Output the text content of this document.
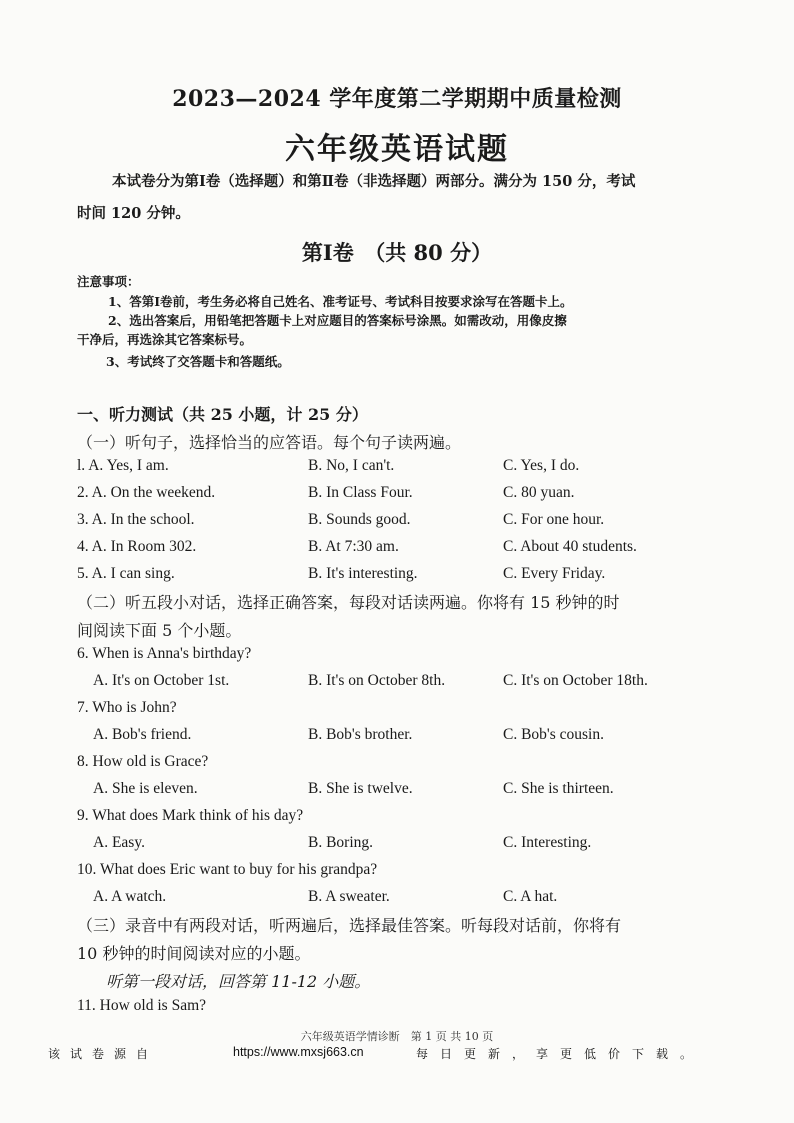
2023—2024 学年度第二学期期中质量检测
六年级英语试题
本试卷分为第Ⅰ卷（选择题）和第Ⅱ卷（非选择题）两部分。满分为 150 分，考试
时间 120 分钟。
第Ⅰ卷　（共 80 分）
注意事项：
1、答第Ⅰ卷前，考生务必将自己姓名、准考证号、考试科目按要求涂写在答题卡上。
2、选出答案后，用铅笔把答题卡上对应题目的答案标号涂黑。如需改动，用像皮擦
干净后，再选涂其它答案标号。
3、考试终了交答题卡和答题纸。
一、听力测试（共 25 小题，计 25 分）
（一）听句子，选择恰当的应答语。每个句子读两遍。
l. A. Yes, I am.	B. No, I can't.	C. Yes, I do.
2. A. On the weekend.	B. In Class Four.	C. 80 yuan.
3. A. In the school.	B. Sounds good.	C. For one hour.
4. A. In Room 302.	B. At 7:30 am.	C. About 40 students.
5. A. I can sing.	B. It's interesting.	C. Every Friday.
（二）听五段小对话，选择正确答案，每段对话读两遍。你将有 15 秒钟的时
间阅读下面 5 个小题。
6. When is Anna's birthday?
A. It's on October 1st.	B. It's on October 8th.	C. It's on October 18th.
7. Who is John?
A. Bob's friend.	B. Bob's brother.	C. Bob's cousin.
8. How old is Grace?
A. She is eleven.	B. She is twelve.	C. She is thirteen.
9. What does Mark think of his day?
A. Easy.	B. Boring.	C. Interesting.
10. What does Eric want to buy for his grandpa?
A. A watch.	B. A sweater.	C. A hat.
（三）录音中有两段对话，听两遍后，选择最佳答案。听每段对话前，你将有
10 秒钟的时间阅读对应的小题。
听第一段对话，回答第 11-12 小题。
11. How old is Sam?
六年级英语学情诊断　第 1 页 共 10 页
该试卷源自	https://www.mxsj663.cn	每日更新，享更低价下载。
